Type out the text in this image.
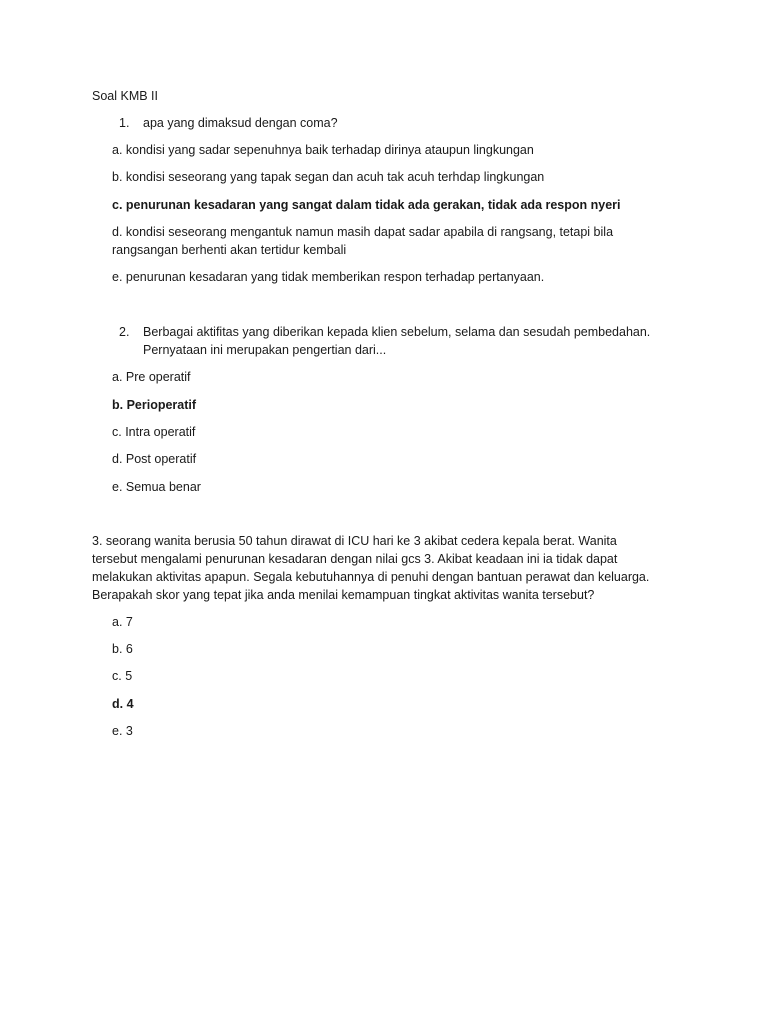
Soal KMB II
1. apa yang dimaksud dengan coma?
a. kondisi yang sadar sepenuhnya baik terhadap dirinya ataupun lingkungan
b. kondisi seseorang yang tapak segan dan acuh tak acuh terhdap lingkungan
c. penurunan kesadaran yang sangat dalam tidak ada gerakan, tidak ada respon nyeri
d. kondisi seseorang mengantuk namun masih dapat sadar apabila di rangsang, tetapi bila
rangsangan berhenti akan tertidur kembali
e. penurunan kesadaran yang tidak memberikan respon terhadap pertanyaan.
2. Berbagai aktifitas yang diberikan kepada klien sebelum, selama dan sesudah pembedahan.
Pernyataan ini merupakan pengertian dari...
a. Pre operatif
b. Perioperatif
c. Intra operatif
d. Post operatif
e. Semua benar
3. seorang wanita berusia 50 tahun dirawat di ICU hari ke 3 akibat cedera kepala berat. Wanita
tersebut mengalami penurunan kesadaran dengan nilai gcs 3. Akibat keadaan ini ia tidak dapat
melakukan aktivitas apapun. Segala kebutuhannya di penuhi dengan bantuan perawat dan keluarga.
Berapakah skor yang tepat jika anda menilai kemampuan tingkat aktivitas wanita tersebut?
a. 7
b. 6
c. 5
d. 4
e. 3
